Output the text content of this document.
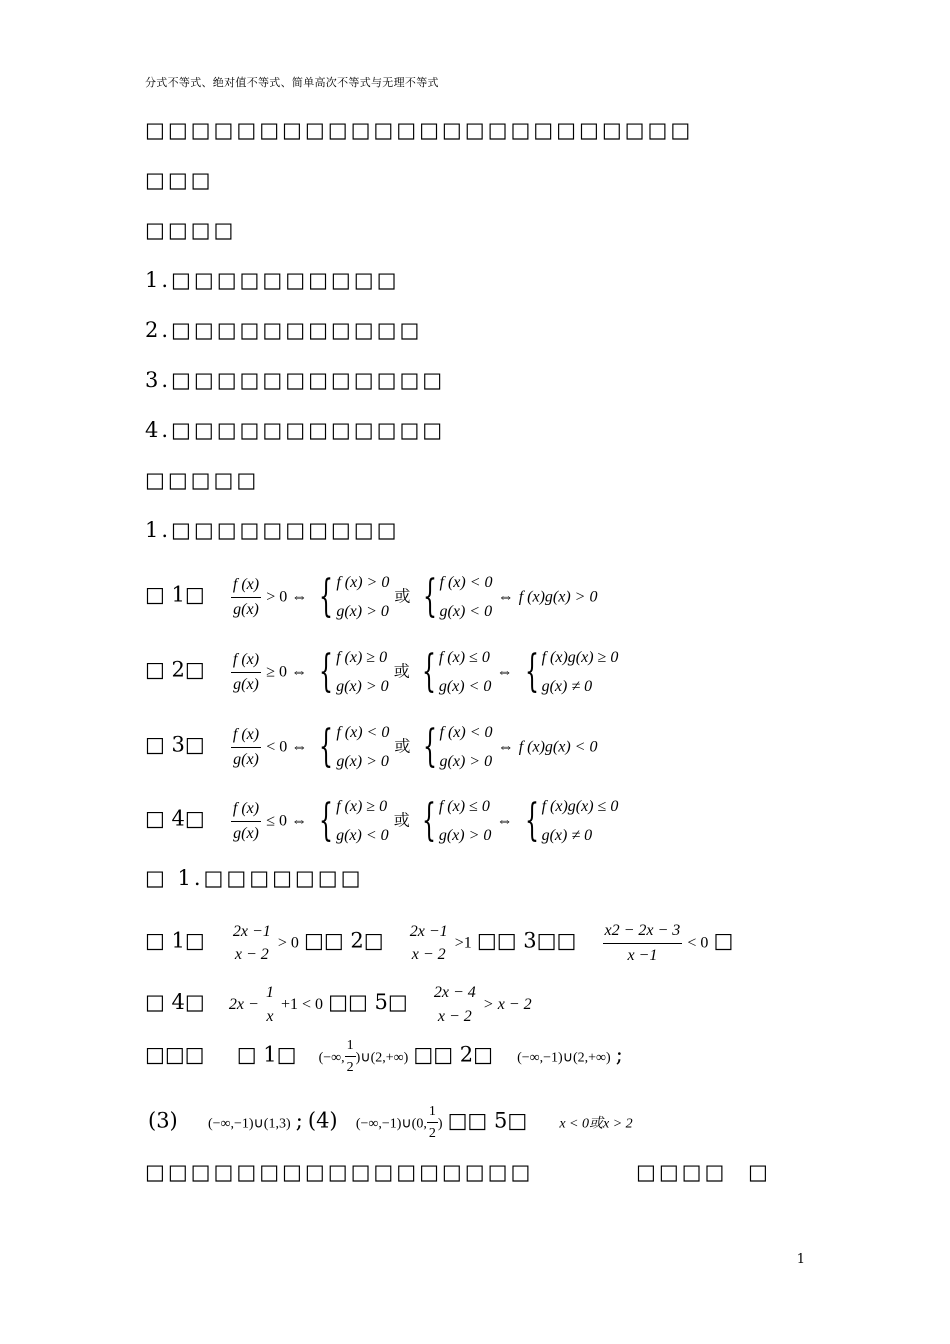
分式不等式、绝对值不等式、简单高次不等式与无理不等式
□□□□□□□□□□□□□□□□□□□□□□□□
□□□
□□□□
1.□□□□□□□□□□
2.□□□□□□□□□□□
3.□□□□□□□□□□□□
4.□□□□□□□□□□□□
□□□□□
1.□□□□□□□□□□
□ 1□ $\frac{f (x)}{g(x)} > 0$ ⇔ { f (x) > 0
g(x) > 0
或 { f (x) < 0
g(x) < 0
⇔ f (x)g(x) > 0
□ 2□ $\frac{f (x)}{g(x)} \ge 0$ ⇔ { f (x) ≥ 0
g(x) > 0
或 { f (x) ≤ 0
g(x) < 0
⇔ { f (x)g(x) ≥ 0
g(x) ≠ 0
□ 3□ $\frac{f (x)}{g(x)} < 0$ ⇔ { f (x) < 0
g(x) > 0
或 { f (x) < 0
g(x) > 0
⇔ f (x)g(x) < 0
□ 4□ $\frac{f (x)}{g(x)} \le 0$ ⇔ { f (x) ≥ 0
g(x) < 0
或 { f (x) ≤ 0
g(x) > 0
⇔ { f (x)g(x) ≤ 0
g(x) ≠ 0
□ 1.□□□□□□□
□ 1□ 2x −1
x − 2
> 0 □□ 2□ 2x −1
x − 2
>1 □□ 3□□ $\frac{x2 - 2x - 3}{x -1} < 0$ □
□ 4□ 2x −
1
x
+1 < 0 □□ 5□ 2x − 4
x − 2
> x − 2
□□□ □ 1□ (−∞, $\frac{1}{2}$ )∪(2,+∞) □□ 2□ (−∞,−1)∪(2,+∞) ;
(3) (−∞,−1)∪(1,3) ; (4) (−∞,−1)∪(0, $\frac{1}{2}$ ) □□ 5□ x < 0或x > 2
□□□□□□□□□□□□□□□□□	□□□□ □
1
